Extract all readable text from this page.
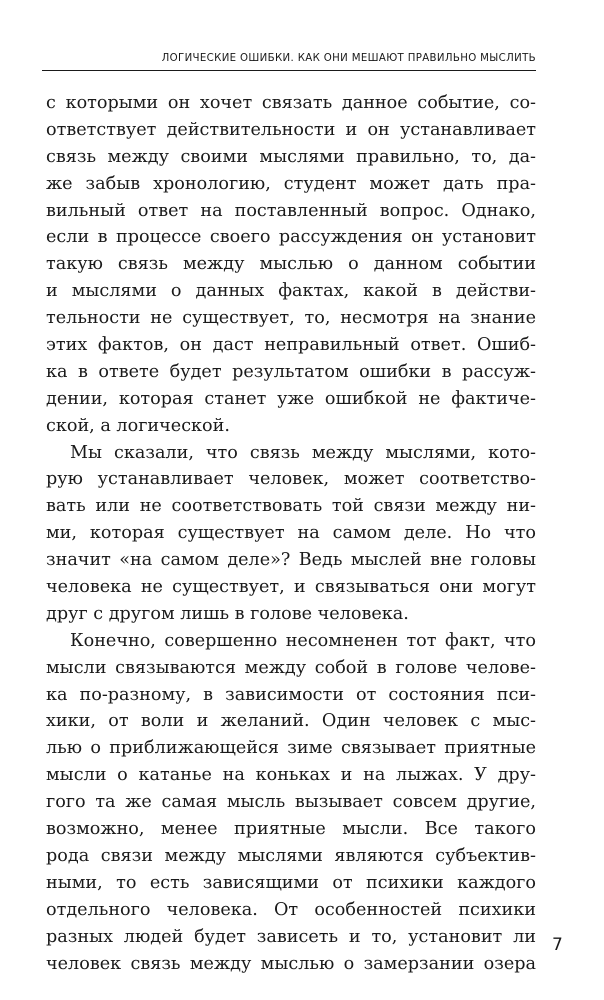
ЛОГИЧЕСКИЕ ОШИБКИ. КАК ОНИ МЕШАЮТ ПРАВИЛЬНО МЫСЛИТЬ
с которыми он хочет связать данное событие, со-
ответствует действительности и он устанавливает
связь между своими мыслями правильно, то, да-
же забыв хронологию, студент может дать пра-
вильный ответ на поставленный вопрос. Однако,
если в процессе своего рассуждения он установит
такую связь между мыслью о данном событии
и мыслями о данных фактах, какой в действи-
тельности не существует, то, несмотря на знание
этих фактов, он даст неправильный ответ. Ошиб-
ка в ответе будет результатом ошибки в рассуж-
дении, которая станет уже ошибкой не фактиче-
ской, а логической.
Мы сказали, что связь между мыслями, кото-
рую устанавливает человек, может соответство-
вать или не соответствовать той связи между ни-
ми, которая существует на самом деле. Но что
значит «на самом деле»? Ведь мыслей вне головы
человека не существует, и связываться они могут
друг с другом лишь в голове человека.
Конечно, совершенно несомненен тот факт, что
мысли связываются между собой в голове челове-
ка по-разному, в зависимости от состояния пси-
хики, от воли и желаний. Один человек с мыс-
лью о приближающейся зиме связывает приятные
мысли о катанье на коньках и на лыжах. У дру-
гого та же самая мысль вызывает совсем другие,
возможно, менее приятные мысли. Все такого
рода связи между мыслями являются субъектив-
ными, то есть зависящими от психики каждого
отдельного человека. От особенностей психики
разных людей будет зависеть и то, установит ли
человек связь между мыслью о замерзании озера
7
